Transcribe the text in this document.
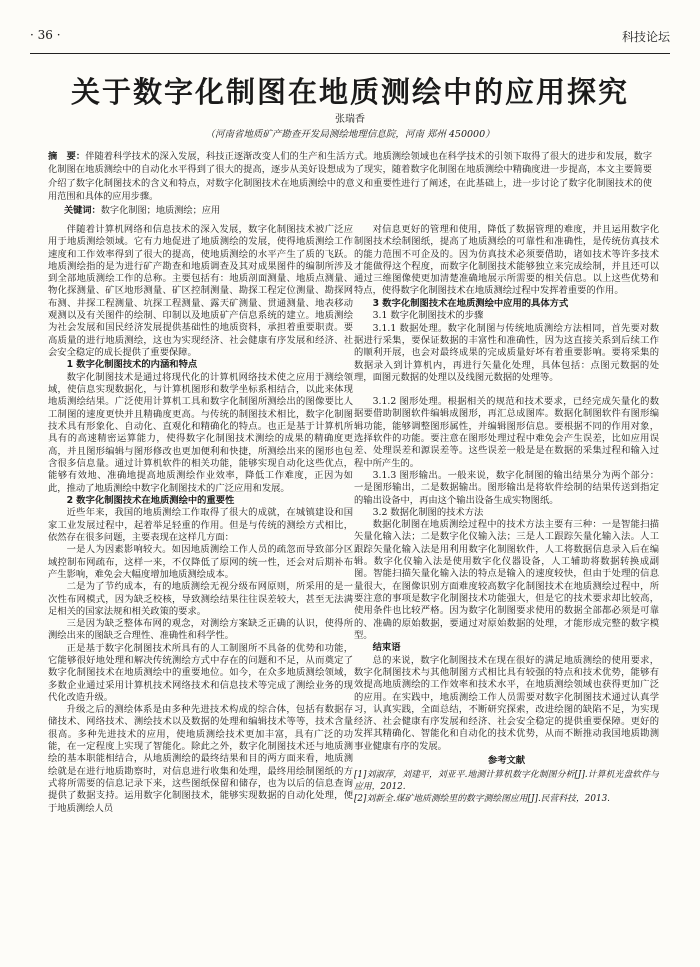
· 36 ·	科技论坛
关于数字化制图在地质测绘中的应用探究
张瑞香
（河南省地质矿产勘查开发局测绘地理信息院，河南 郑州 450000）
摘　要：伴随着科学技术的深入发展，科技正逐渐改变人们的生产和生活方式。地质测绘领域也在科学技术的引领下取得了很大的进步和发展，数字化制图在地质测绘中的自动化水平得到了很大的提高，逐步从美好设想成为了现实，随着数字化制图在地质测绘中精确度进一步提高，本文主要简要介绍了数字化制图技术的含义和特点，对数字化制图技术在地质测绘中的意义和重要性进行了阐述，在此基础上，进一步讨论了数字化制图技术的使用范围和具体的应用步骤。
关键词：数字化制图；地质测绘；应用

伴随着计算机网络和信息技术的深入发展，数字化制图技术被广泛应用于地质测绘领域。它有力地促进了地质测绘的发展，使得地质测绘工作速度和工作效率得到了很大的提高，使地质测绘的水平产生了质的飞跃。地质测绘指的是为进行矿产勘查和地质调查及其对成果图件的编制所涉及到全部地质测绘工作的总称。主要包括有：地质剖面测量、地质点测量、物化探测量、矿区地形测量、矿区控制测量、勘探工程定位测量、勘探网布测、井探工程测量、坑探工程测量、露天矿测量、贯通测量、地表移动观测以及有关图件的绘制、印制以及地质矿产信息系统的建立。地质测绘为社会发展和国民经济发展提供基础性的地质资料，承担着重要职责。要高质量的进行地质测绘，这也为实现经济、社会健康有序发展和经济、社会安全稳定的成长提供了重要保障。

1 数字化制图技术的内涵和特点

数字化制图技术是通过将现代化的计算机网络技术使之应用于测绘领域，使信息实现数据化，与计算机图形和数学坐标系相结合，以此来体现地质测绘结果。广泛使用计算机工具和数字化制图所测绘出的图像要比人工制图的速度更快并且精确度更高。与传统的制图技术相比，数字化制图技术具有形象化、自动化、直观化和精确化的特点。也正是基于计算机所具有的高速精密运算能力，使得数字化制图技术测绘的成果的精确度更高，并且图形编辑与图形修改也更加便利和快捷，所测绘出来的图形也包含很多信息量。通过计算机软件的相关功能，能够实现自动化这些优点，能够有效地、准确地提高地质测绘作业效率，降低工作难度，正因为如此，推动了地质测绘中数字化制图技术的广泛应用和发展。

2 数字化制图技术在地质测绘中的重要性

近些年来，我国的地质测绘工作取得了很大的成就，在城镇建设和国家工业发展过程中，起着举足轻重的作用。但是与传统的测绘方式相比，依然存在很多问题，主要表现在这样几方面：

一是人为因素影响较大。如因地质测绘工作人员的疏忽而导致部分区域控制布网疏布，这样一来，不仅降低了原网的统一性，还会对后期补布产生影响，难免会大幅度增加地质测绘成本。

二是为了节约成本，有的地质测绘无视分级布网原则，所采用的是一次性布网模式，因为缺乏校核，导致测绘结果往往误差较大，甚至无法满足相关的国家法规和相关政策的要求。

三是因为缺乏整体布网的观念，对测绘方案缺乏正确的认识，使得所测绘出来的图缺乏合理性、准确性和科学性。

正是基于数字化制图技术所具有的人工制图所不具备的优势和功能，它能够很好地处理和解决传统测绘方式中存在的问题和不足，从而奠定了数字化制图技术在地质测绘中的重要地位。如今，在众多地质测绘领域，多数企业通过采用计算机技术网络技术和信息技术等完成了测绘业务的现代化改造升级。

升级之后的测绘体系是由多种先进技术构成的综合体，包括有数据存储技术、网络技术、测绘技术以及数据的处理和编辑技术等等，技术含量很高。多种先进技术的应用，使地质测绘技术更加丰富，具有广泛的功能，在一定程度上实现了智能化。除此之外，数字化制图技术还与地质测绘的基本职能相结合，从地质测绘的最终结果和目的两方面来看，地质测绘就是在进行地质勘察时，对信息进行收集和处理，最终用绘制图纸的方式将所需要的信息记录下来，这些图纸保留和储存，也为以后的信息查询提供了数据支持。运用数字化制图技术，能够实现数据的自动化处理，便于地质测绘人员

对信息更好的管理和使用，降低了数据管理的难度，并且运用数字化制图技术绘制图纸，提高了地质测绘的可靠性和准确性，是传统仿真技术的能力范围不可企及的。因为仿真技术必须要借助，诸如技术等许多技术才能做得这个程度，而数字化制图技术能够独立来完成绘制，并且还可以通过三维图像使更加清楚准确地展示所需要的相关信息。以上这些优势和特点，使得数字化制图技术在地质测绘过程中发挥着重要的作用。

3 数字化制图技术在地质测绘中应用的具体方式
3.1 数字化制图技术的步骤

3.1.1 数据处理。数字化制图与传统地质测绘方法相同，首先要对数据进行采集，要保证数据的丰富性和准确性，因为这直接关系到后续工作的顺利开展，也会对最终成果的完成质量好坏有着重要影响。要将采集的数据录入到计算机内，再进行矢量化处理，具体包括：点图元数据的处理，面图元数据的处理以及线图元数据的处理等。

3.1.2 图形处理。根据相关的规范和技术要求，已经完成矢量化的数据要借助制图软件编辑成图形，再汇总成图库。数据化制图软件有图形编辑功能，能够调整图形属性，并编辑图形信息。要根据不同的作用对象，选择软件的功能。要注意在图形处理过程中难免会产生误差，比如应用误差、处理误差和源误差等。这些误差一般是是在数据的采集过程和输入过程中所产生的。

3.1.3 图形输出。一般来说，数字化制图的输出结果分为两个部分：一是图形输出，二是数据输出。图形输出是将软件绘制的结果传送到指定的输出设备中，再由这个输出设备生成实物图纸。

3.2 数据化制图的技术方法

数据化制图在地质测绘过程中的技术方法主要有三种：一是智能扫描矢量化输入法；二是数字化仪输入法；三是人工跟踪矢量化输入法。人工跟踪矢量化输入法是用利用数字化制图软件，人工将数据信息录入后在编辑。数字化仪输入法是使用数字化仪器设备，人工辅助将数据转换成副图。智能扫描矢量化输入法的特点是输入的速度较快，但由于处理的信息量很大，在图像识别方面难度较高数字化制图技术在地质测绘过程中，所要注意的事项是数字化制图技术功能强大，但是它的技术要求却比较高，使用条件也比较严格。因为数字化制图要求使用的数据全部都必须是可靠的、准确的原始数据，要通过对原始数据的处理，才能形成完整的数字模型。

结束语

总的来说，数字化制图技术在现在很好的满足地质测绘的使用要求，数字化制图技术与其他制图方式相比具有较强的特点和技术优势，能够有效提高地质测绘的工作效率和技术水平，在地质测绘领域也获得更加广泛的应用。在实践中，地质测绘工作人员需要对数字化制图技术通过认真学习，认真实践，全面总结，不断研究探索，改进绘图的缺陷不足，为实现经济、社会健康有序发展和经济、社会安全稳定的提供重要保障。更好的发挥其精确化、智能化和自动化的技术优势，从而不断推动我国地质勘测事业健康有序的发展。

参考文献

[1]刘淑萍，刘建平，刘亚平.地测计算机数字化制图分析[J].计算机光盘软件与应用，2012.

[2]刘新全.煤矿地质测绘里的数字测绘图应用[J].民营科技，2013.
